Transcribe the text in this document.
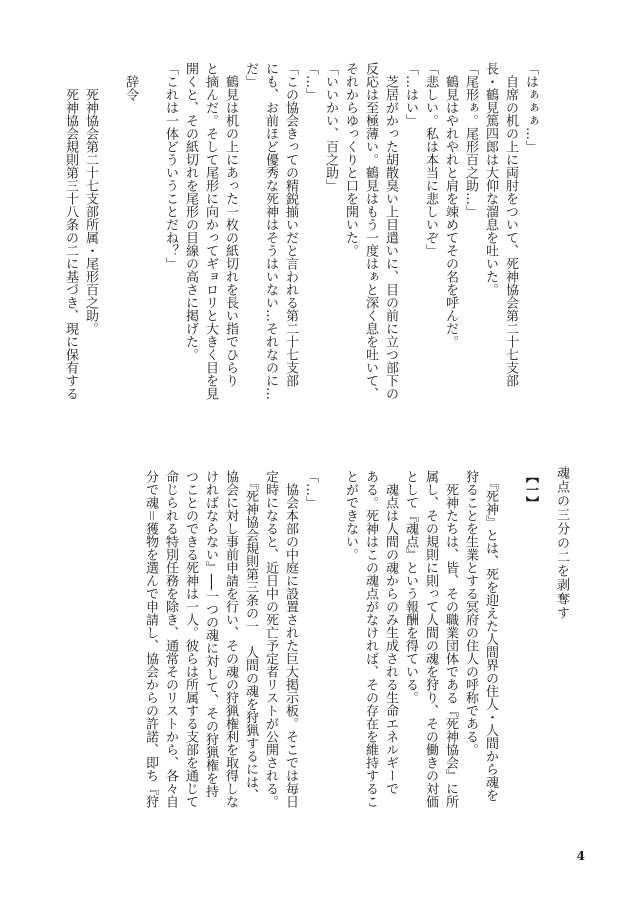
「はぁぁぁ…」

　自席の机の上に両肘をついて、死神協会第二十七支部

長・鶴見篤四郎は大仰な溜息を吐いた。

「尾形ぁ。尾形百之助…」

　鶴見はやれやれと肩を竦めてその名を呼んだ。

「悲しい。私は本当に悲しいぞ」

「…はい」

　芝居がかった胡散臭い上目遣いに、目の前に立つ部下の

反応は至極薄い。鶴見はもう一度はぁと深く息を吐いて、

それからゆっくりと口を開いた。

「いいかい、百之助」

「…」

「この協会きっての精鋭揃いだと言われる第二十七支部

にも、お前ほど優秀な死神はそうはいない…それなのに…

だ」

　鶴見は机の上にあった一枚の紙切れを長い指でひらり

と摘んだ。そして尾形に向かってギョロリと大きく目を見

開くと、その紙切れを尾形の目線の高さに掲げた。

「これは一体どういうことだね？」

　辞令

　　死神協会第二十七支部所属・尾形百之助。

　　死神協会規則第三十八条の二に基づき、現に保有する

魂点の三分の二を剥奪す

【一】

　『死神』とは、死を迎えた人間界の住人・人間から魂を

狩ることを生業とする冥府の住人の呼称である。

　死神たちは、皆、その職業団体である『死神協会』に所

属し、その規則に則って人間の魂を狩り、その働きの対価

として『魂点』という報酬を得ている。

　魂点は人間の魂からのみ生成される生命エネルギーで

ある。死神はこの魂点がなければ、その存在を維持するこ

とができない。

「…」

　協会本部の中庭に設置された巨大掲示板。そこでは毎日

定時になると、近日中の死亡予定者リストが公開される。

　『死神協会規則第三条の一　人間の魂を狩猟するには、

協会に対し事前申請を行い、その魂の狩猟権利を取得しな

ければならない』──一つの魂に対して、その狩猟権を持

つことのできる死神は一人。彼らは所属する支部を通じて

命じられる特別任務を除き、通常そのリストから、各々自

分で魂＝獲物を選んで申請し、協会からの許諾、即ち『狩

4
